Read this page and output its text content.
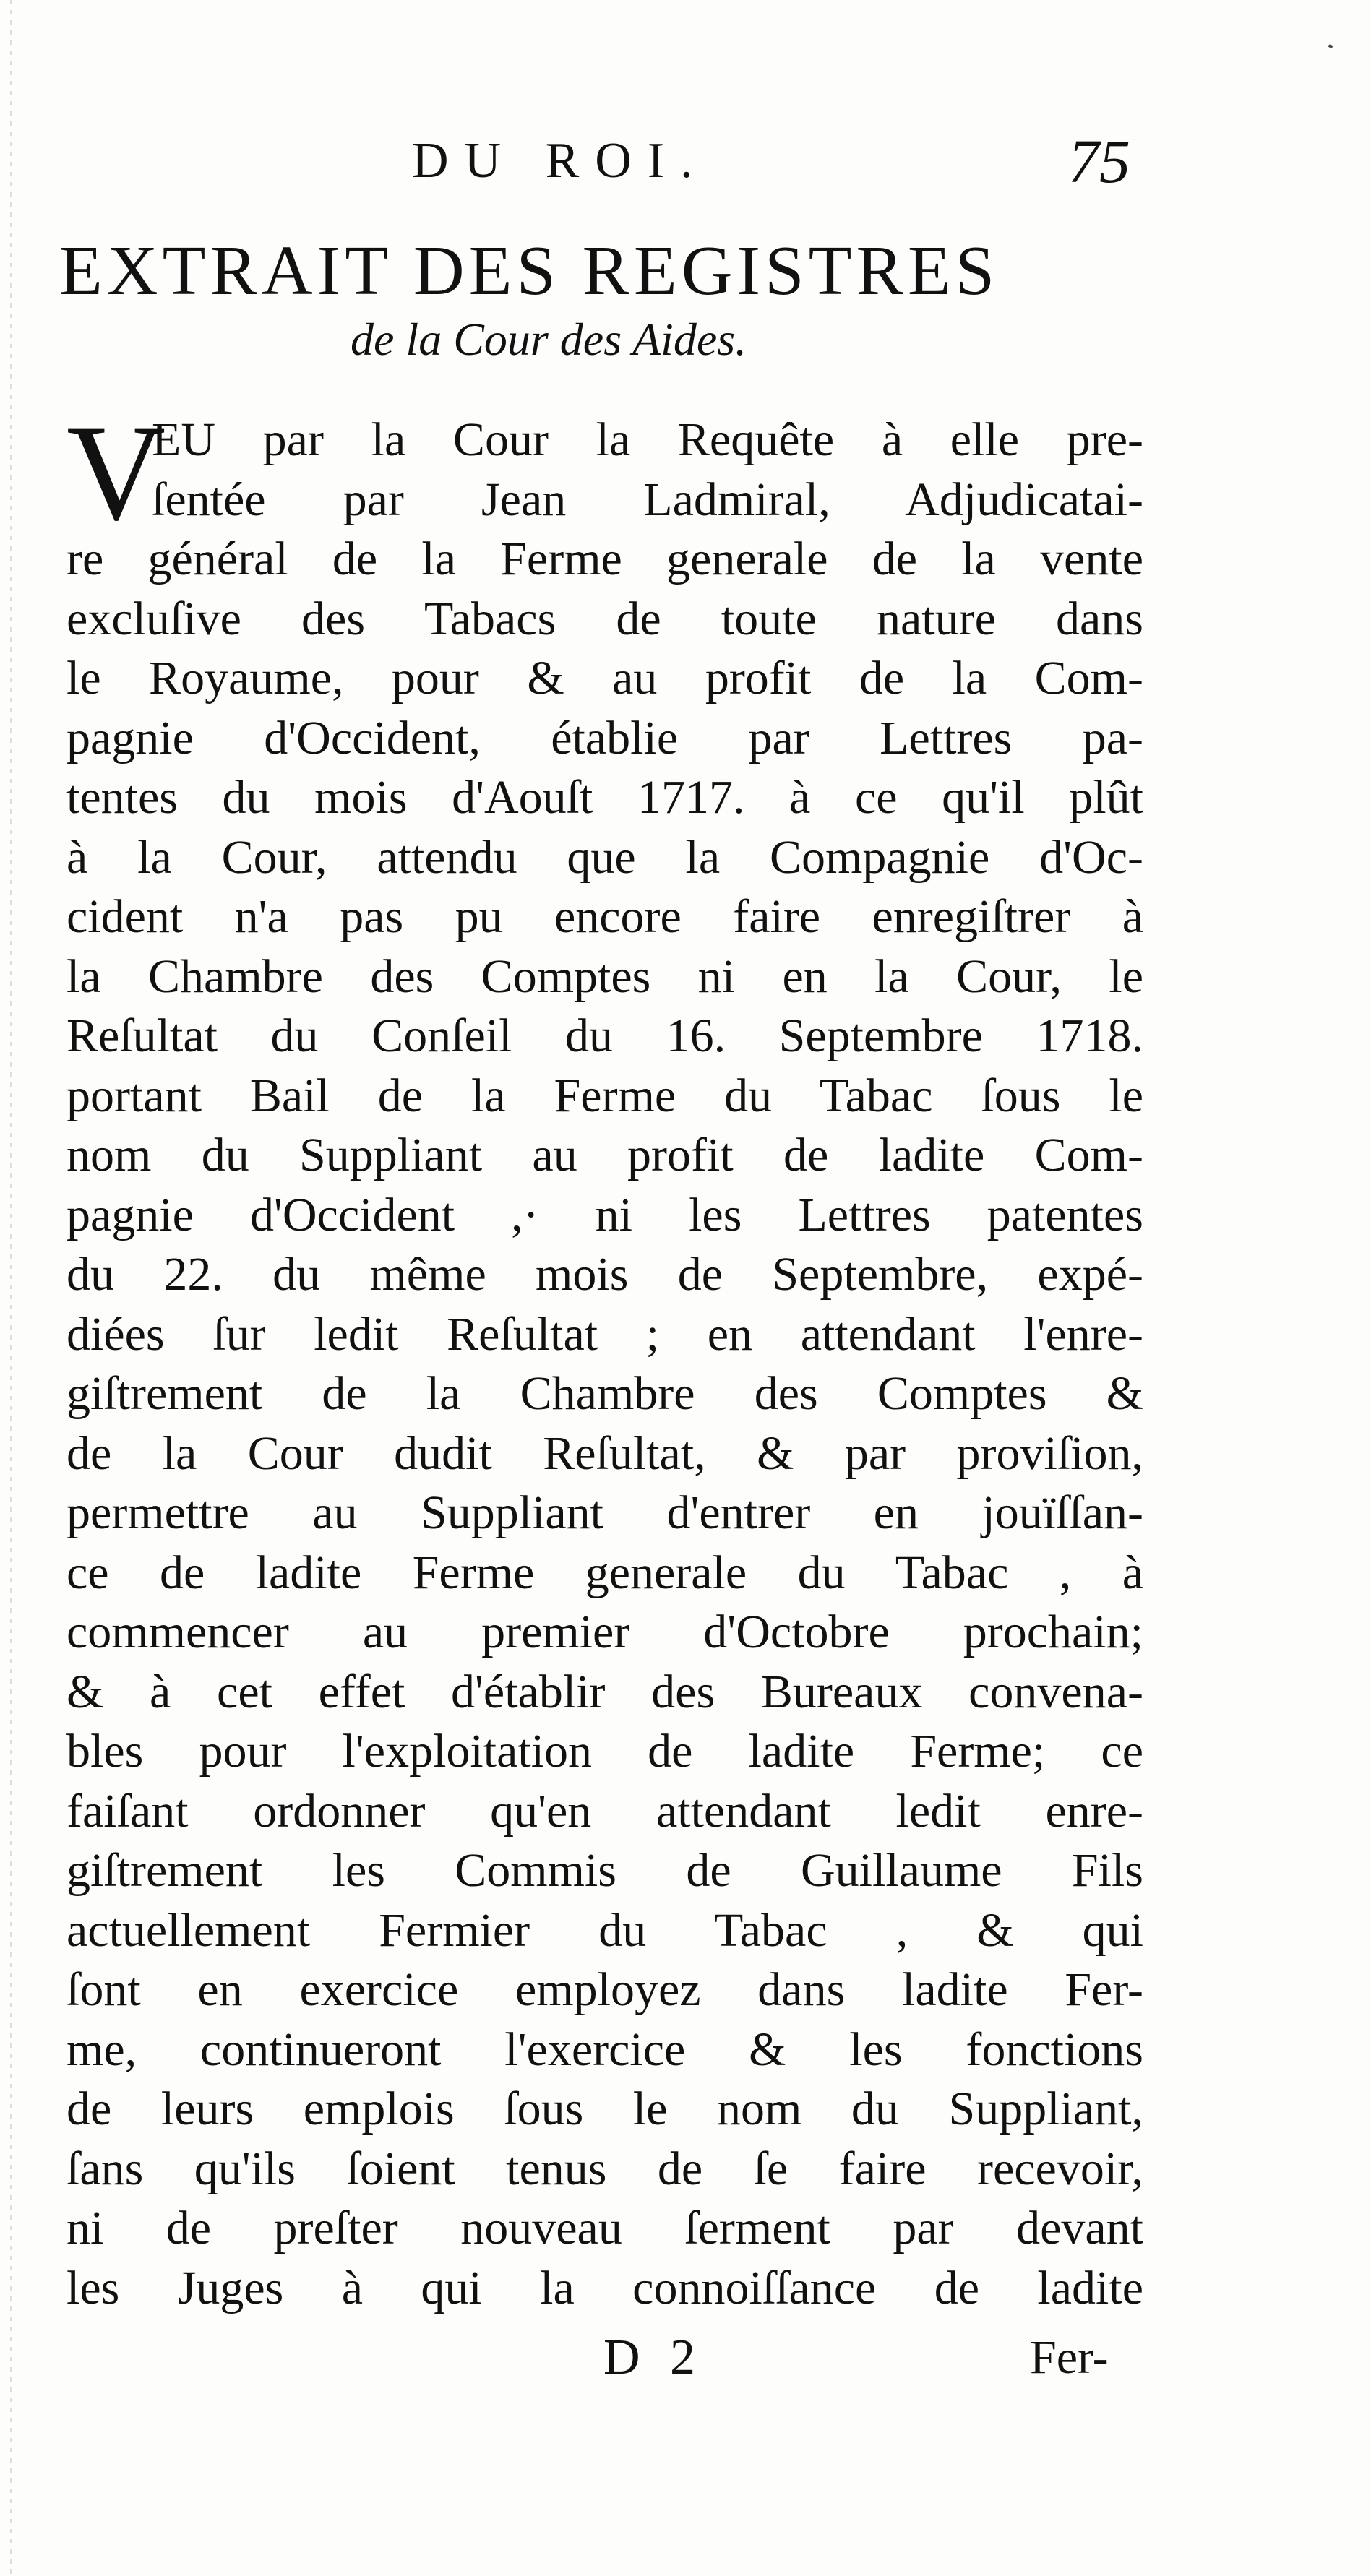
DU ROI.	75
EXTRAIT DES REGISTRES
de la Cour des Aides.
V
EU par la Cour la Requête à elle pre-
ſentée par Jean Ladmiral, Adjudicatai-
re général de la Ferme generale de la vente
excluſive des Tabacs de toute nature dans
le Royaume, pour & au profit de la Com-
pagnie d'Occident, établie par Lettres pa-
tentes du mois d'Aouſt 1717. à ce qu'il plût
à la Cour, attendu que la Compagnie d'Oc-
cident n'a pas pu encore faire enregiſtrer à
la Chambre des Comptes ni en la Cour, le
Reſultat du Conſeil du 16. Septembre 1718.
portant Bail de la Ferme du Tabac ſous le
nom du Suppliant au profit de ladite Com-
pagnie d'Occident ,· ni les Lettres patentes
du 22. du même mois de Septembre, expé-
diées ſur ledit Reſultat ; en attendant l'enre-
giſtrement de la Chambre des Comptes &
de la Cour dudit Reſultat, & par proviſion,
permettre au Suppliant d'entrer en jouïſſan-
ce de ladite Ferme generale du Tabac , à
commencer au premier d'Octobre prochain;
& à cet effet d'établir des Bureaux convena-
bles pour l'exploitation de ladite Ferme; ce
faiſant ordonner qu'en attendant ledit enre-
giſtrement les Commis de Guillaume Fils
actuellement Fermier du Tabac , & qui
ſont en exercice employez dans ladite Fer-
me, continueront l'exercice & les fonctions
de leurs emplois ſous le nom du Suppliant,
ſans qu'ils ſoient tenus de ſe faire recevoir,
ni de preſter nouveau ſerment par devant
les Juges à qui la connoiſſance de ladite
D 2	Fer-
